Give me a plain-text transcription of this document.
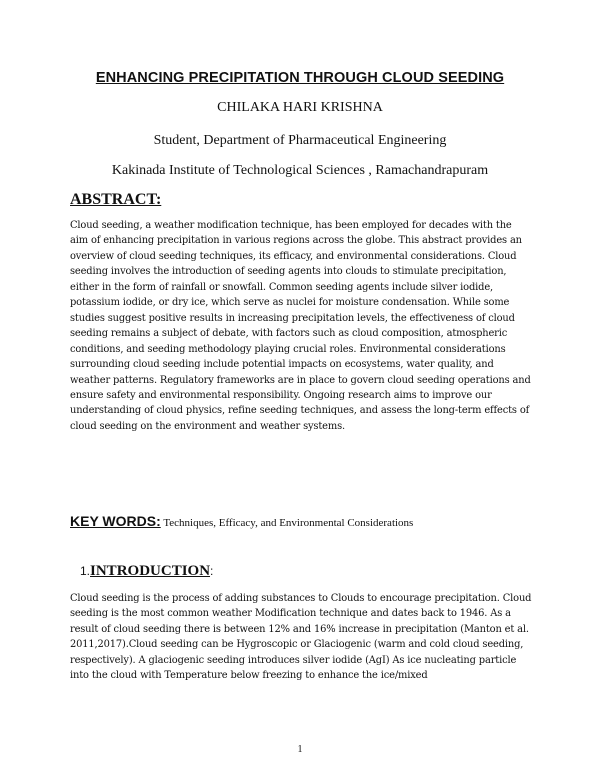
ENHANCING PRECIPITATION THROUGH CLOUD SEEDING
CHILAKA HARI KRISHNA
Student, Department of Pharmaceutical Engineering
Kakinada Institute of Technological Sciences , Ramachandrapuram
ABSTRACT:
Cloud seeding, a weather modification technique, has been employed for decades with the aim of enhancing precipitation in various regions across the globe. This abstract provides an overview of cloud seeding techniques, its efficacy, and environmental considerations. Cloud seeding involves the introduction of seeding agents into clouds to stimulate precipitation, either in the form of rainfall or snowfall. Common seeding agents include silver iodide, potassium iodide, or dry ice, which serve as nuclei for moisture condensation. While some studies suggest positive results in increasing precipitation levels, the effectiveness of cloud seeding remains a subject of debate, with factors such as cloud composition, atmospheric conditions, and seeding methodology playing crucial roles. Environmental considerations surrounding cloud seeding include potential impacts on ecosystems, water quality, and weather patterns. Regulatory frameworks are in place to govern cloud seeding operations and ensure safety and environmental responsibility. Ongoing research aims to improve our understanding of cloud physics, refine seeding techniques, and assess the long-term effects of cloud seeding on the environment and weather systems.
KEY WORDS: Techniques, Efficacy, and Environmental Considerations
1.INTRODUCTION:
Cloud seeding is the process of adding substances to Clouds to encourage precipitation. Cloud seeding is the most common weather Modification technique and dates back to 1946. As a result of cloud seeding there is between 12% and 16% increase in precipitation (Manton et al. 2011,2017).Cloud seeding can be Hygroscopic or Glaciogenic (warm and cold cloud seeding, respectively). A glaciogenic seeding introduces silver iodide (AgI) As ice nucleating particle into the cloud with Temperature below freezing to enhance the ice/mixed
1
